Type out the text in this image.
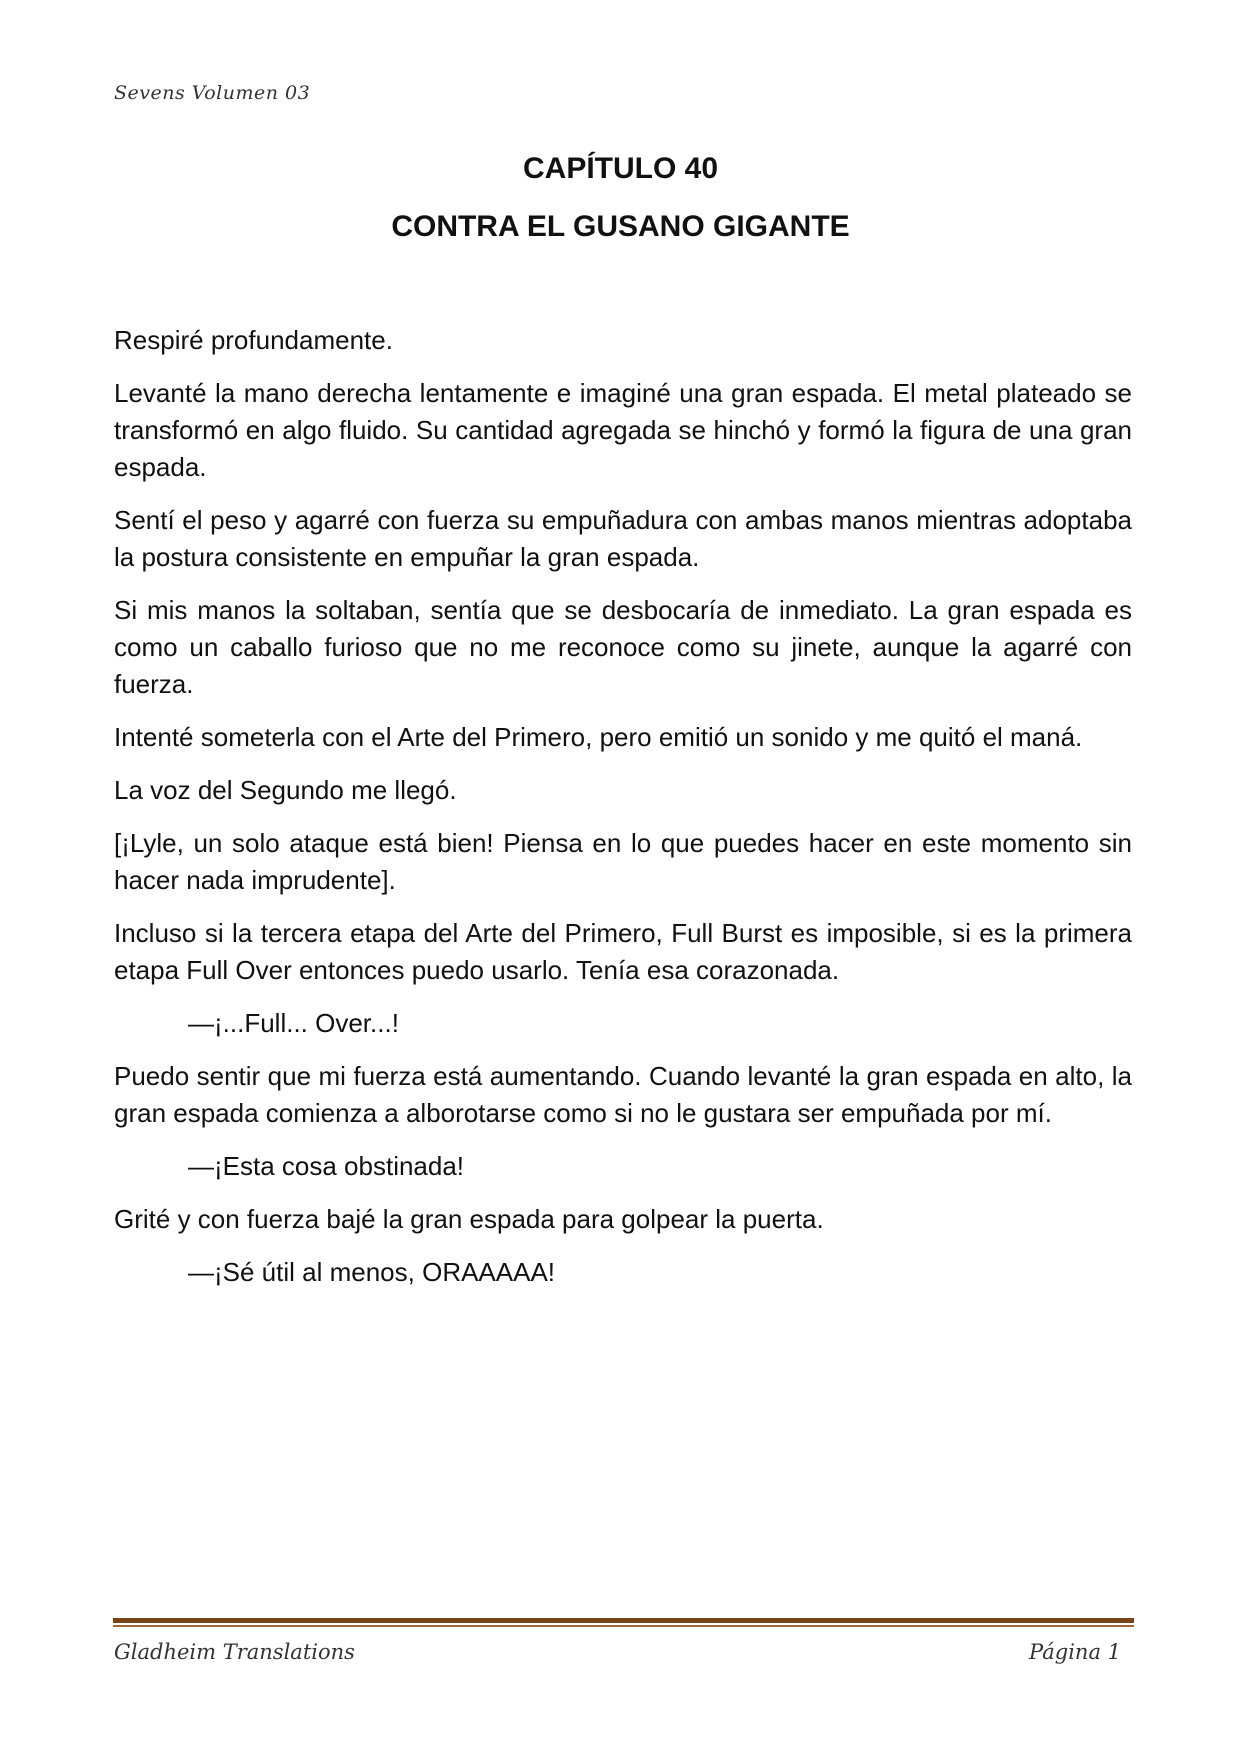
Sevens Volumen 03
CAPÍTULO 40
CONTRA EL GUSANO GIGANTE

Respiré profundamente.

Levanté la mano derecha lentamente e imaginé una gran espada. El metal plateado se transformó en algo fluido. Su cantidad agregada se hinchó y formó la figura de una gran espada.

Sentí el peso y agarré con fuerza su empuñadura con ambas manos mientras adoptaba la postura consistente en empuñar la gran espada.

Si mis manos la soltaban, sentía que se desbocaría de inmediato. La gran espada es como un caballo furioso que no me reconoce como su jinete, aunque la agarré con fuerza.

Intenté someterla con el Arte del Primero, pero emitió un sonido y me quitó el maná.

La voz del Segundo me llegó.

[¡Lyle, un solo ataque está bien! Piensa en lo que puedes hacer en este momento sin hacer nada imprudente].

Incluso si la tercera etapa del Arte del Primero, Full Burst es imposible, si es la primera etapa Full Over entonces puedo usarlo. Tenía esa corazonada.

—¡...Full... Over...!

Puedo sentir que mi fuerza está aumentando. Cuando levanté la gran espada en alto, la gran espada comienza a alborotarse como si no le gustara ser empuñada por mí.

—¡Esta cosa obstinada!

Grité y con fuerza bajé la gran espada para golpear la puerta.

—¡Sé útil al menos, ORAAAAA!

Gladheim Translations	Página 1
